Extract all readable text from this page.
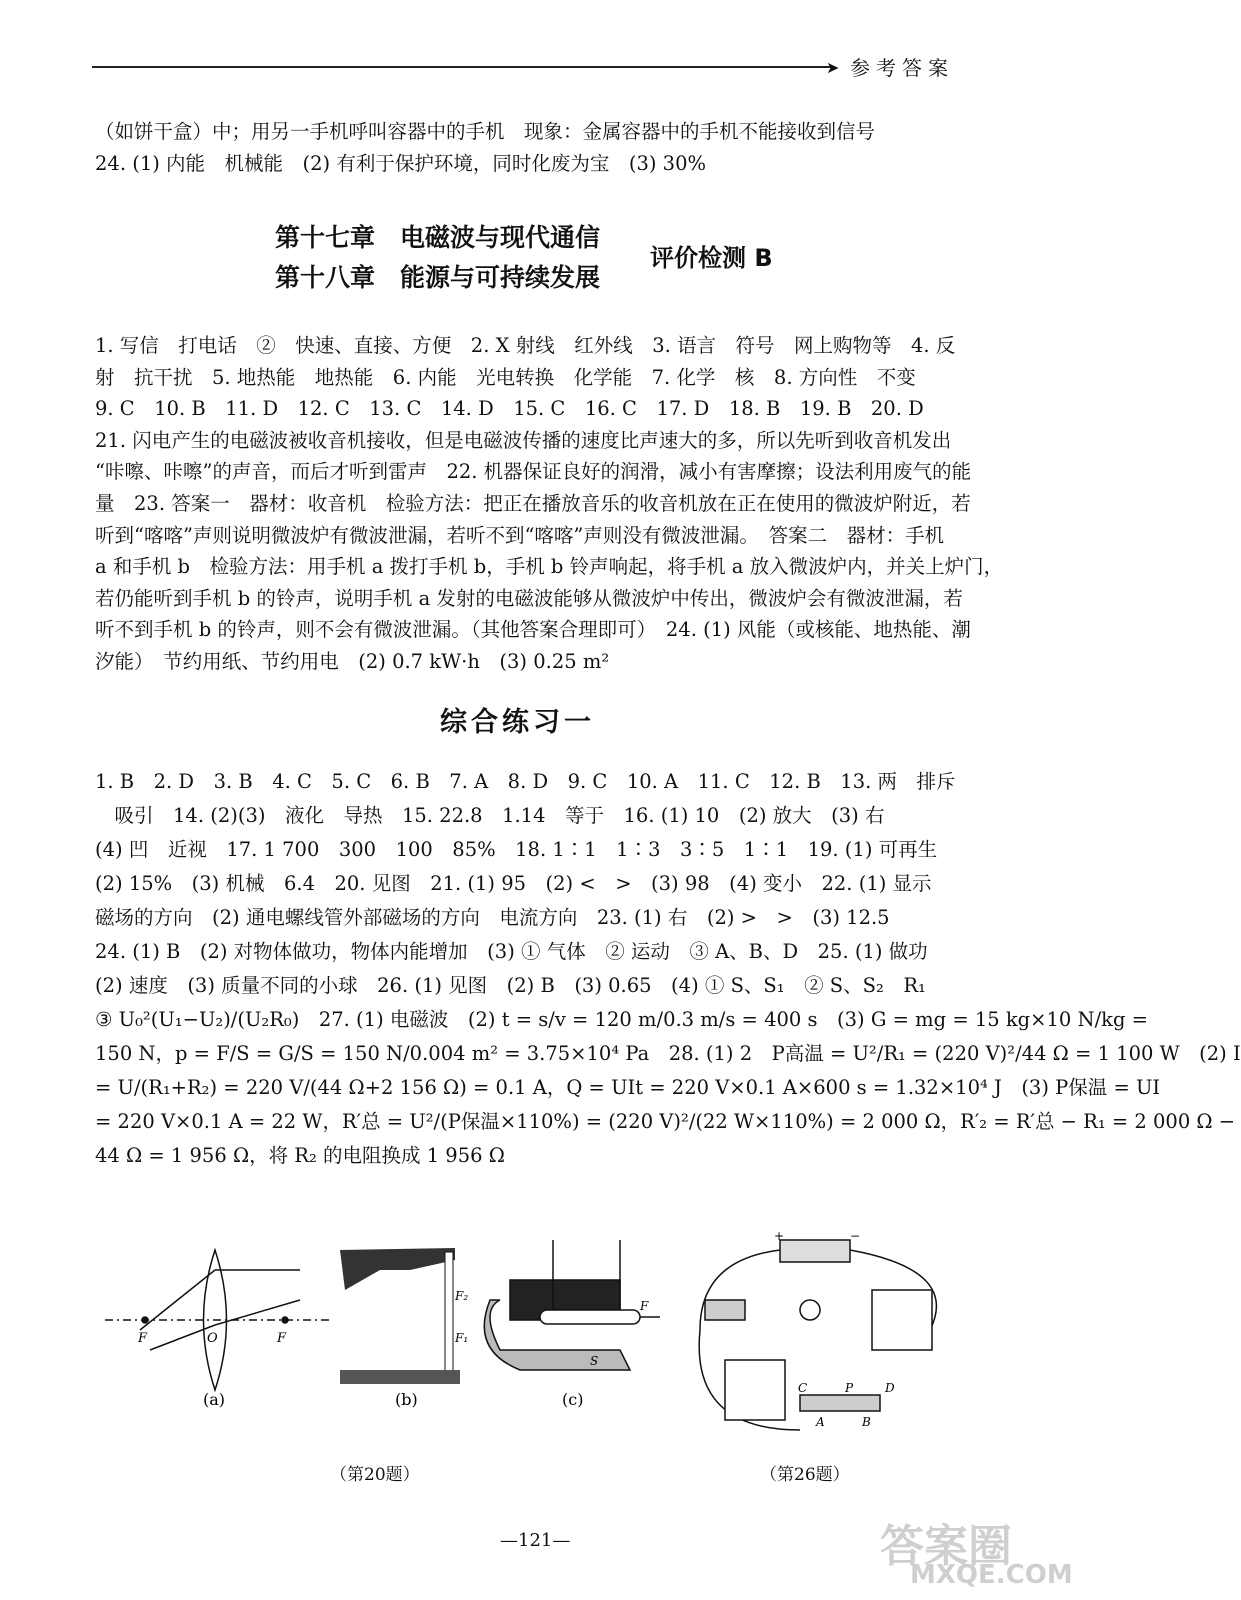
➤ 参考答案

（如饼干盒）中；用另一手机呼叫容器中的手机　现象：金属容器中的手机不能接收到信号

24. (1) 内能　机械能　(2) 有利于保护环境，同时化废为宝　(3) 30%

第十七章　电磁波与现代通信
第十八章　能源与可持续发展
评价检测 B

1. 写信　打电话　②　快速、直接、方便　2. X 射线　红外线　3. 语言　符号　网上购物等　4. 反

射　抗干扰　5. 地热能　地热能　6. 内能　光电转换　化学能　7. 化学　核　8. 方向性　不变

9. C　10. B　11. D　12. C　13. C　14. D　15. C　16. C　17. D　18. B　19. B　20. D

21. 闪电产生的电磁波被收音机接收，但是电磁波传播的速度比声速大的多，所以先听到收音机发出

“咔嚓、咔嚓”的声音，而后才听到雷声　22. 机器保证良好的润滑，减小有害摩擦；设法利用废气的能

量　23. 答案一　器材：收音机　检验方法：把正在播放音乐的收音机放在正在使用的微波炉附近，若

听到“喀喀”声则说明微波炉有微波泄漏，若听不到“喀喀”声则没有微波泄漏。　答案二　器材：手机

a 和手机 b　检验方法：用手机 a 拨打手机 b，手机 b 铃声响起，将手机 a 放入微波炉内，并关上炉门，

若仍能听到手机 b 的铃声，说明手机 a 发射的电磁波能够从微波炉中传出，微波炉会有微波泄漏，若

听不到手机 b 的铃声，则不会有微波泄漏。（其他答案合理即可）　24. (1) 风能（或核能、地热能、潮

汐能）　节约用纸、节约用电　(2) 0.7 kW·h　(3) 0.25 m²

综合练习一

1. B　2. D　3. B　4. C　5. C　6. B　7. A　8. D　9. C　10. A　11. C　12. B　13. 两　排斥

　吸引　14. (2)(3)　液化　导热　15. 22.8　1.14　等于　16. (1) 10　(2) 放大　(3) 右

(4) 凹　近视　17. 1 700　300　100　85%　18. 1∶1　1∶3　3∶5　1∶1　19. (1) 可再生

(2) 15%　(3) 机械　6.4　20. 见图　21. (1) 95　(2) <　>　(3) 98　(4) 变小　22. (1) 显示

磁场的方向　(2) 通电螺线管外部磁场的方向　电流方向　23. (1) 右　(2) >　>　(3) 12.5

24. (1) B　(2) 对物体做功，物体内能增加　(3) ① 气体　② 运动　③ A、B、D　25. (1) 做功

(2) 速度　(3) 质量不同的小球　26. (1) 见图　(2) B　(3) 0.65　(4) ① S、S₁　② S、S₂　R₁

③ U₀²(U₁−U₂)/(U₂R₀)　27. (1) 电磁波　(2) t = s/v = 120 m/0.3 m/s = 400 s　(3) G = mg = 15 kg×10 N/kg =

150 N，p = F/S = G/S = 150 N/0.004 m² = 3.75×10⁴ Pa　28. (1) 2　P高温 = U²/R₁ = (220 V)²/44 Ω = 1 100 W　(2) I

= U/(R₁+R₂) = 220 V/(44 Ω+2 156 Ω) = 0.1 A，Q = UIt = 220 V×0.1 A×600 s = 1.32×10⁴ J　(3) P保温 = UI

= 220 V×0.1 A = 22 W，R′总 = U²/(P保温×110%) = (220 V)²/(22 W×110%) = 2 000 Ω，R′₂ = R′总 − R₁ = 2 000 Ω −

44 Ω = 1 956 Ω，将 R₂ 的电阻换成 1 956 Ω

F	O	F
(a)
F₂
F₁
(b)
F
S
(c)
+	−
C	P	D
A	B
（第20题）	（第26题）
—121—	答案圈
MXQE.COM
